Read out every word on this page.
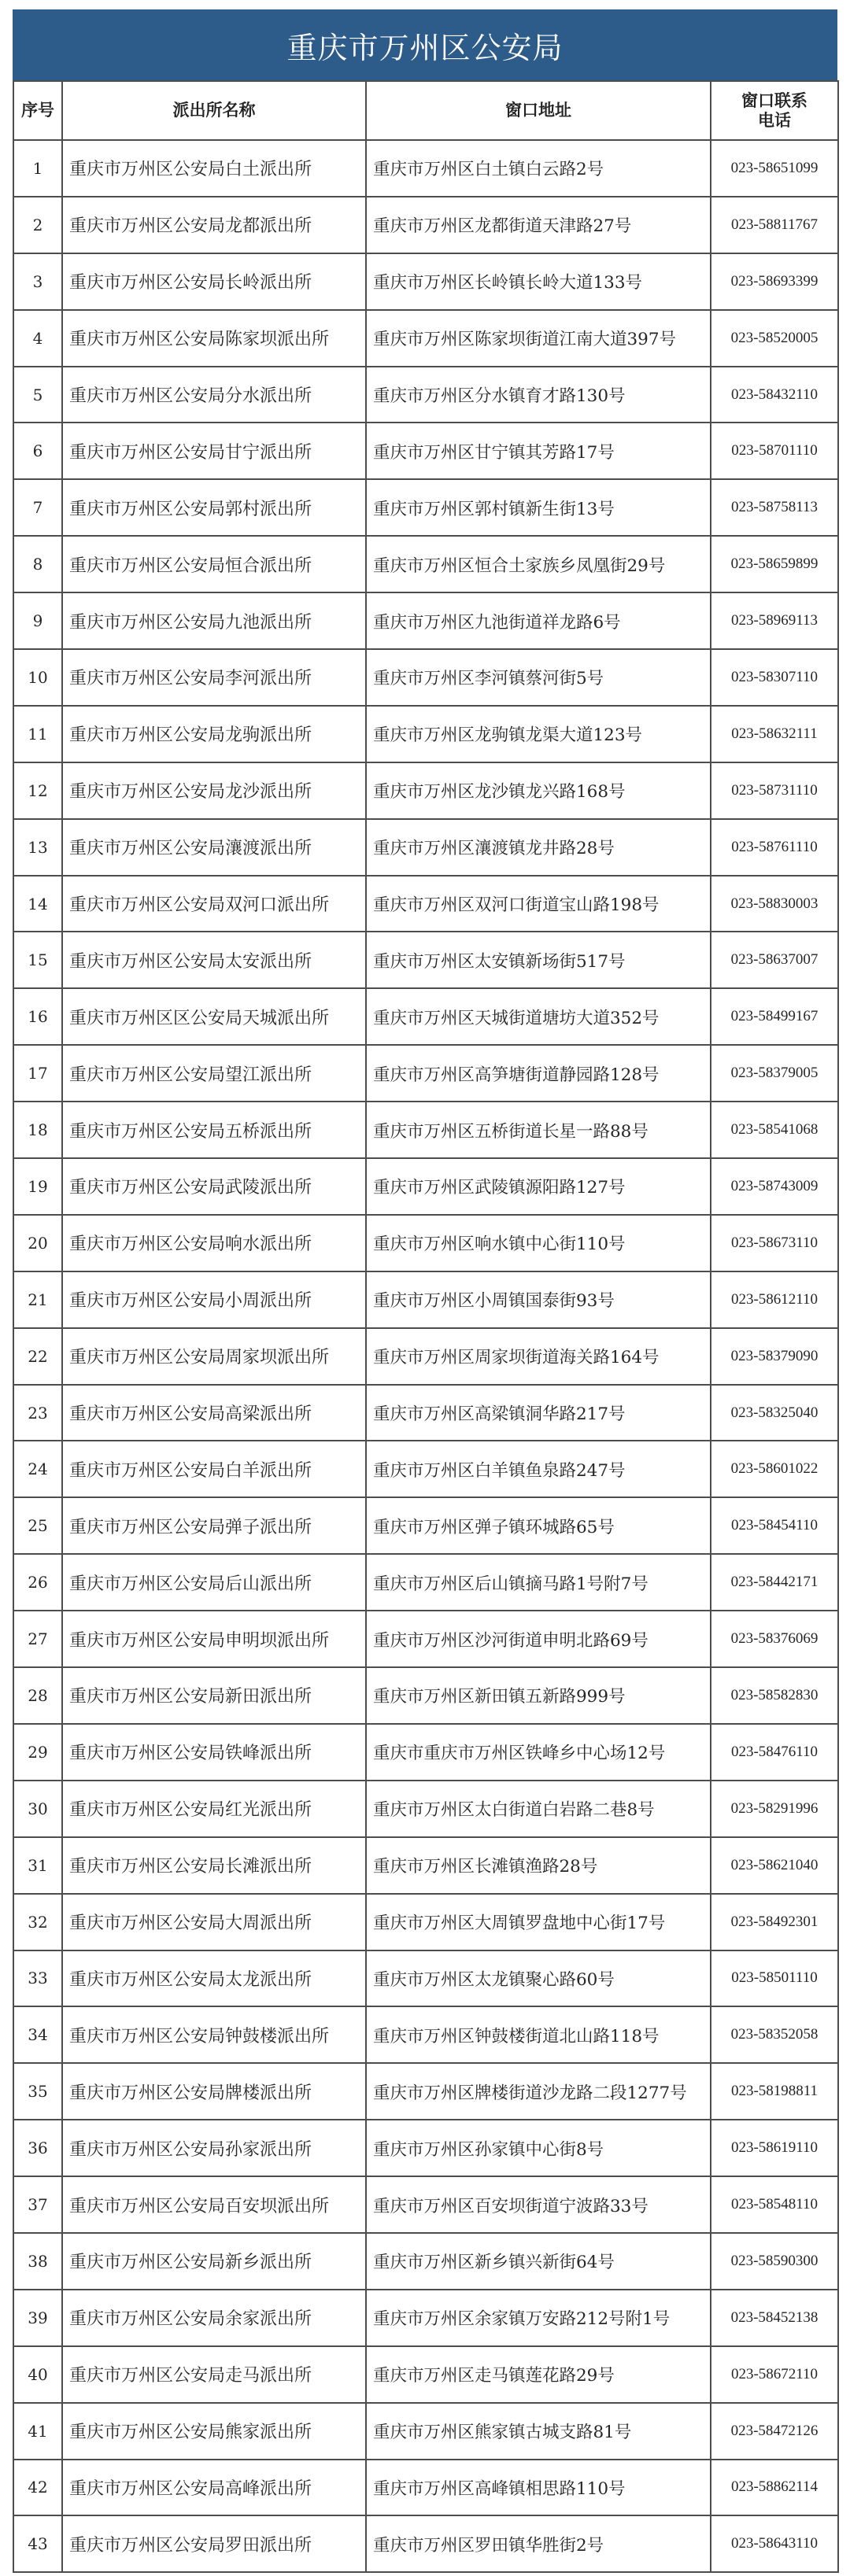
重庆市万州区公安局
序号	派出所名称	窗口地址	窗口联系
电话
1	重庆市万州区公安局白土派出所	重庆市万州区白土镇白云路2号	023-58651099
2	重庆市万州区公安局龙都派出所	重庆市万州区龙都街道天津路27号	023-58811767
3	重庆市万州区公安局长岭派出所	重庆市万州区长岭镇长岭大道133号	023-58693399
4	重庆市万州区公安局陈家坝派出所	重庆市万州区陈家坝街道江南大道397号	023-58520005
5	重庆市万州区公安局分水派出所	重庆市万州区分水镇育才路130号	023-58432110
6	重庆市万州区公安局甘宁派出所	重庆市万州区甘宁镇其芳路17号	023-58701110
7	重庆市万州区公安局郭村派出所	重庆市万州区郭村镇新生街13号	023-58758113
8	重庆市万州区公安局恒合派出所	重庆市万州区恒合土家族乡凤凰街29号	023-58659899
9	重庆市万州区公安局九池派出所	重庆市万州区九池街道祥龙路6号	023-58969113
10	重庆市万州区公安局李河派出所	重庆市万州区李河镇蔡河街5号	023-58307110
11	重庆市万州区公安局龙驹派出所	重庆市万州区龙驹镇龙渠大道123号	023-58632111
12	重庆市万州区公安局龙沙派出所	重庆市万州区龙沙镇龙兴路168号	023-58731110
13	重庆市万州区公安局瀼渡派出所	重庆市万州区瀼渡镇龙井路28号	023-58761110
14	重庆市万州区公安局双河口派出所	重庆市万州区双河口街道宝山路198号	023-58830003
15	重庆市万州区公安局太安派出所	重庆市万州区太安镇新场街517号	023-58637007
16	重庆市万州区区公安局天城派出所	重庆市万州区天城街道塘坊大道352号	023-58499167
17	重庆市万州区公安局望江派出所	重庆市万州区高笋塘街道静园路128号	023-58379005
18	重庆市万州区公安局五桥派出所	重庆市万州区五桥街道长星一路88号	023-58541068
19	重庆市万州区公安局武陵派出所	重庆市万州区武陵镇源阳路127号	023-58743009
20	重庆市万州区公安局响水派出所	重庆市万州区响水镇中心街110号	023-58673110
21	重庆市万州区公安局小周派出所	重庆市万州区小周镇国泰街93号	023-58612110
22	重庆市万州区公安局周家坝派出所	重庆市万州区周家坝街道海关路164号	023-58379090
23	重庆市万州区公安局高梁派出所	重庆市万州区高梁镇洞华路217号	023-58325040
24	重庆市万州区公安局白羊派出所	重庆市万州区白羊镇鱼泉路247号	023-58601022
25	重庆市万州区公安局弹子派出所	重庆市万州区弹子镇环城路65号	023-58454110
26	重庆市万州区公安局后山派出所	重庆市万州区后山镇摘马路1号附7号	023-58442171
27	重庆市万州区公安局申明坝派出所	重庆市万州区沙河街道申明北路69号	023-58376069
28	重庆市万州区公安局新田派出所	重庆市万州区新田镇五新路999号	023-58582830
29	重庆市万州区公安局铁峰派出所	重庆市重庆市万州区铁峰乡中心场12号	023-58476110
30	重庆市万州区公安局红光派出所	重庆市万州区太白街道白岩路二巷8号	023-58291996
31	重庆市万州区公安局长滩派出所	重庆市万州区长滩镇渔路28号	023-58621040
32	重庆市万州区公安局大周派出所	重庆市万州区大周镇罗盘地中心街17号	023-58492301
33	重庆市万州区公安局太龙派出所	重庆市万州区太龙镇聚心路60号	023-58501110
34	重庆市万州区公安局钟鼓楼派出所	重庆市万州区钟鼓楼街道北山路118号	023-58352058
35	重庆市万州区公安局牌楼派出所	重庆市万州区牌楼街道沙龙路二段1277号	023-58198811
36	重庆市万州区公安局孙家派出所	重庆市万州区孙家镇中心街8号	023-58619110
37	重庆市万州区公安局百安坝派出所	重庆市万州区百安坝街道宁波路33号	023-58548110
38	重庆市万州区公安局新乡派出所	重庆市万州区新乡镇兴新街64号	023-58590300
39	重庆市万州区公安局余家派出所	重庆市万州区余家镇万安路212号附1号	023-58452138
40	重庆市万州区公安局走马派出所	重庆市万州区走马镇莲花路29号	023-58672110
41	重庆市万州区公安局熊家派出所	重庆市万州区熊家镇古城支路81号	023-58472126
42	重庆市万州区公安局高峰派出所	重庆市万州区高峰镇相思路110号	023-58862114
43	重庆市万州区公安局罗田派出所	重庆市万州区罗田镇华胜街2号	023-58643110
